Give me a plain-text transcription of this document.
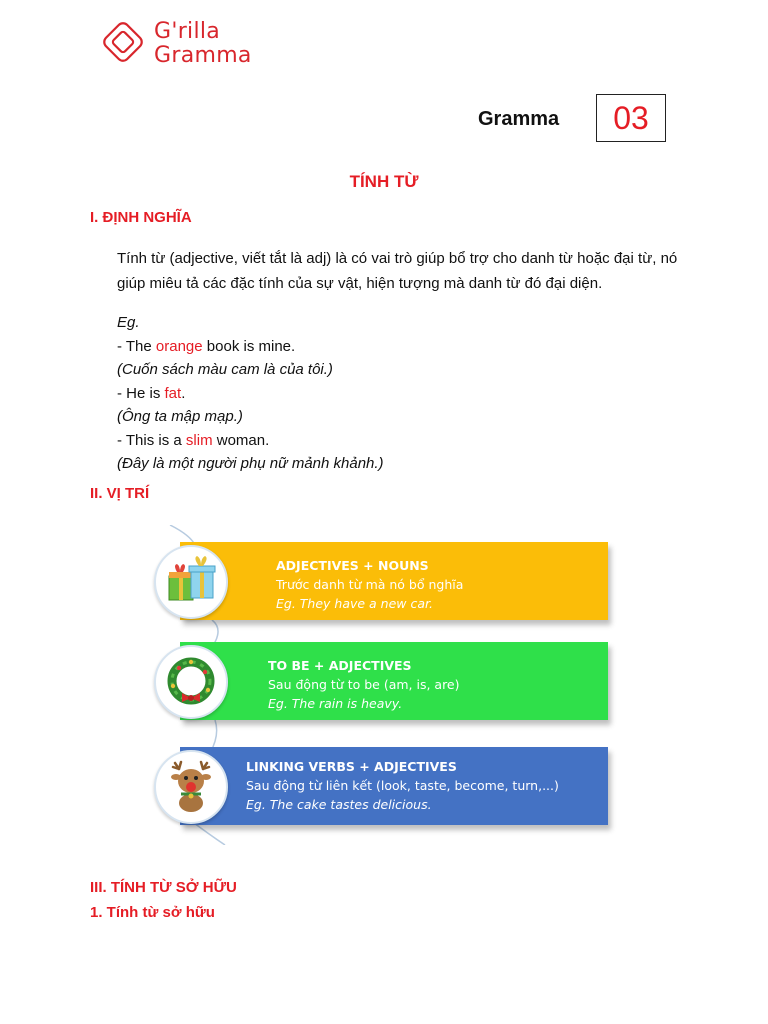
G'rilla
Gramma
Gramma	03
TÍNH TỪ
I. ĐỊNH NGHĨA
Tính từ (adjective, viết tắt là adj) là có vai trò giúp bổ trợ cho danh từ hoặc đại từ, nó giúp miêu tả các đặc tính của sự vật, hiện tượng mà danh từ đó đại diện.
Eg.
- The orange book is mine.
(Cuốn sách màu cam là của tôi.)
- He is fat.
(Ông ta mập mạp.)
- This is a slim woman.
(Đây là một người phụ nữ mảnh khảnh.)
II. VỊ TRÍ
ADJECTIVES + NOUNS
Trước danh từ mà nó bổ nghĩa
Eg. They have a new car.
TO BE + ADJECTIVES
Sau động từ to be (am, is, are)
Eg. The rain is heavy.
LINKING VERBS + ADJECTIVES
Sau động từ liên kết (look, taste, become, turn,...)
Eg. The cake tastes delicious.
III. TÍNH TỪ SỞ HỮU
1. Tính từ sở hữu
